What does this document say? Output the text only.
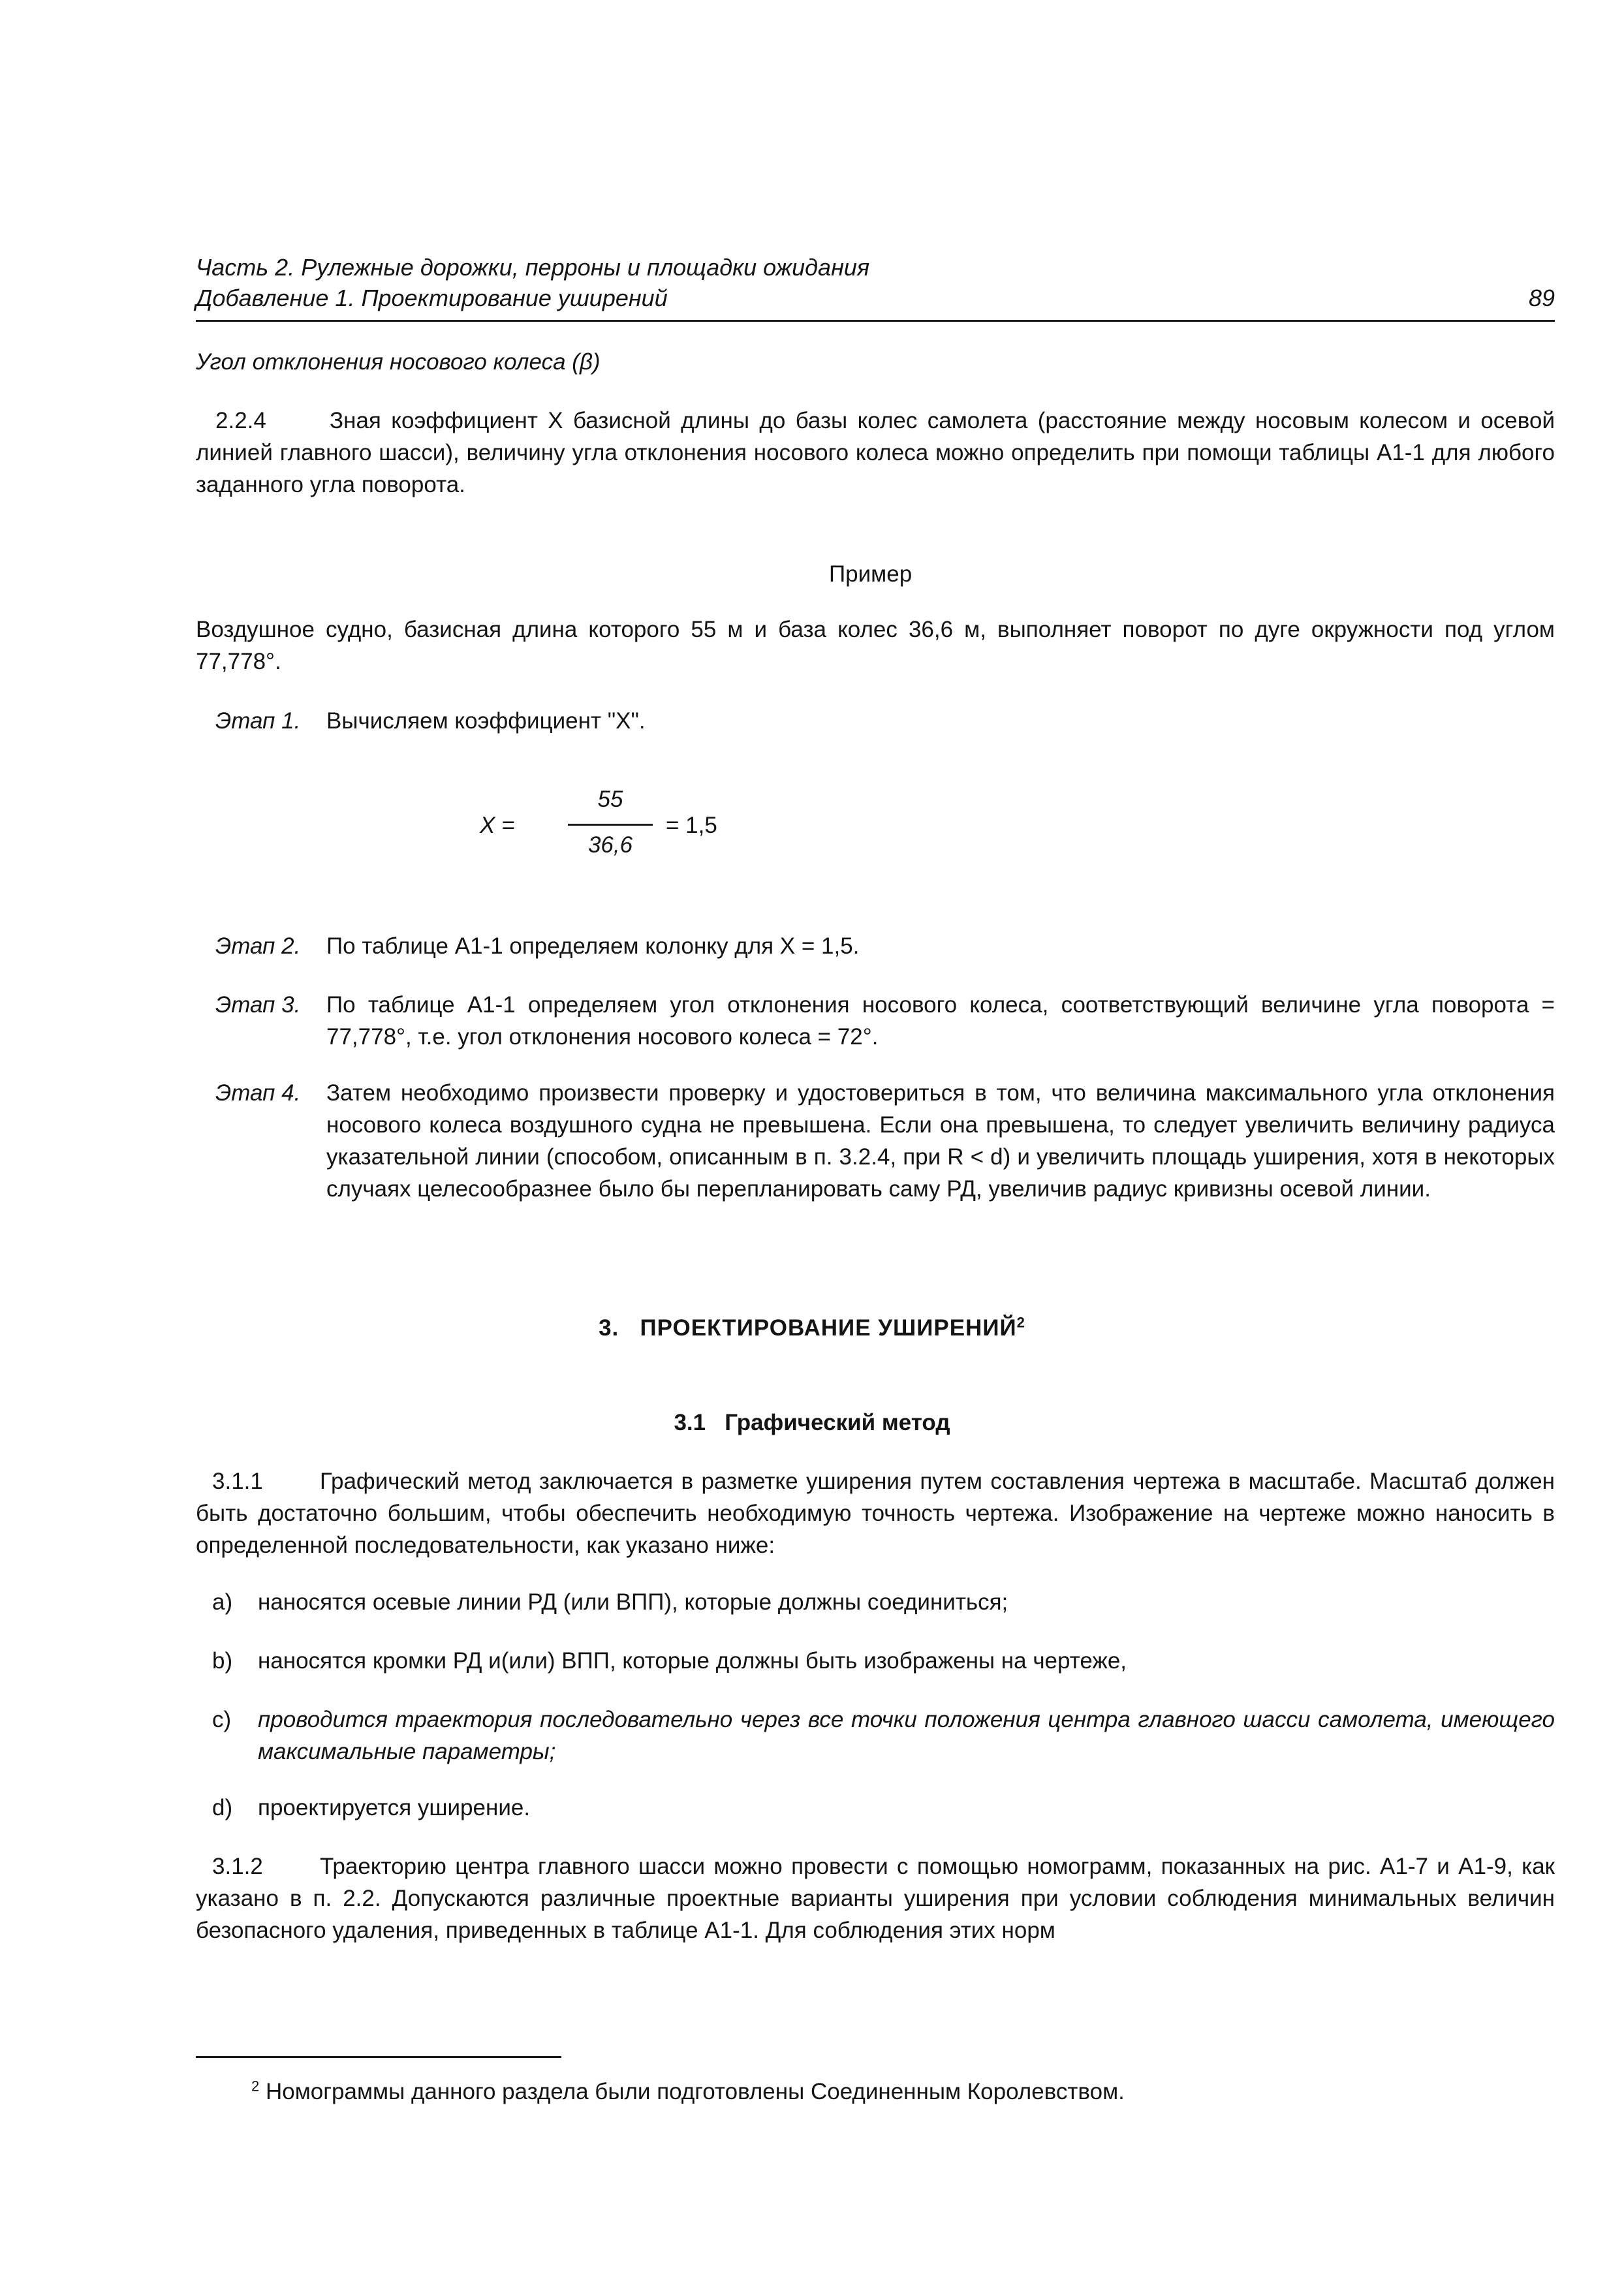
Часть 2. Рулежные дорожки, перроны и площадки ожидания
Добавление 1. Проектирование уширений	89
Угол отклонения носового колеса (β)
2.2.4	Зная коэффициент X базисной длины до базы колес самолета (расстояние между носовым колесом и осевой линией главного шасси), величину угла отклонения носового колеса можно определить при помощи таблицы А1-1 для любого заданного угла поворота.
Пример
Воздушное судно, базисная длина которого 55 м и база колес 36,6 м, выполняет поворот по дуге окружности под углом 77,778°.
Этап 1. Вычисляем коэффициент "X".
X =
55
36,6
= 1,5
Этап 2. По таблице А1-1 определяем колонку для X = 1,5.
Этап 3. По таблице А1-1 определяем угол отклонения носового колеса, соответствующий величине угла поворота = 77,778°, т.е. угол отклонения носового колеса = 72°.
Этап 4. Затем необходимо произвести проверку и удостовериться в том, что величина максимального угла отклонения носового колеса воздушного судна не превышена. Если она превышена, то следует увеличить величину радиуса указательной линии (способом, описанным в п. 3.2.4, при R < d) и увеличить площадь уширения, хотя в некоторых случаях целесообразнее было бы перепланировать саму РД, увеличив радиус кривизны осевой линии.
3. ПРОЕКТИРОВАНИЕ УШИРЕНИЙ$^2$
3.1 Графический метод
3.1.1 Графический метод заключается в разметке уширения путем составления чертежа в масштабе. Масштаб должен быть достаточно большим, чтобы обеспечить необходимую точность чертежа. Изображение на чертеже можно наносить в определенной последовательности, как указано ниже:
a) наносятся осевые линии РД (или ВПП), которые должны соединиться;
b) наносятся кромки РД и(или) ВПП, которые должны быть изображены на чертеже,
c) проводится траектория последовательно через все точки положения центра главного шасси самолета, имеющего максимальные параметры;
d) проектируется уширение.
3.1.2 Траекторию центра главного шасси можно провести с помощью номограмм, показанных на рис. А1-7 и А1-9, как указано в п. 2.2. Допускаются различные проектные варианты уширения при условии соблюдения минимальных величин безопасного удаления, приведенных в таблице А1-1. Для соблюдения этих норм
$^2$ Номограммы данного раздела были подготовлены Соединенным Королевством.
